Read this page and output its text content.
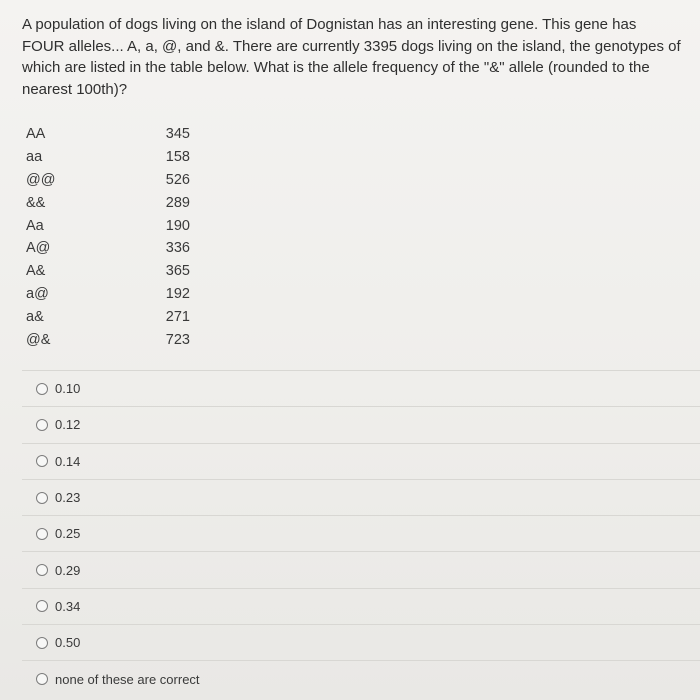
A population of dogs living on the island of Dognistan has an interesting gene. This gene has FOUR alleles... A, a, @, and &. There are currently 3395 dogs living on the island, the genotypes of which are listed in the table below. What is the allele frequency of the "&" allele (rounded to the nearest 100th)?
AA	345
aa	158
@@	526
&&	289
Aa	190
A@	336
A&	365
a@	192
a&	271
@&	723
0.10
0.12
0.14
0.23
0.25
0.29
0.34
0.50
none of these are correct
